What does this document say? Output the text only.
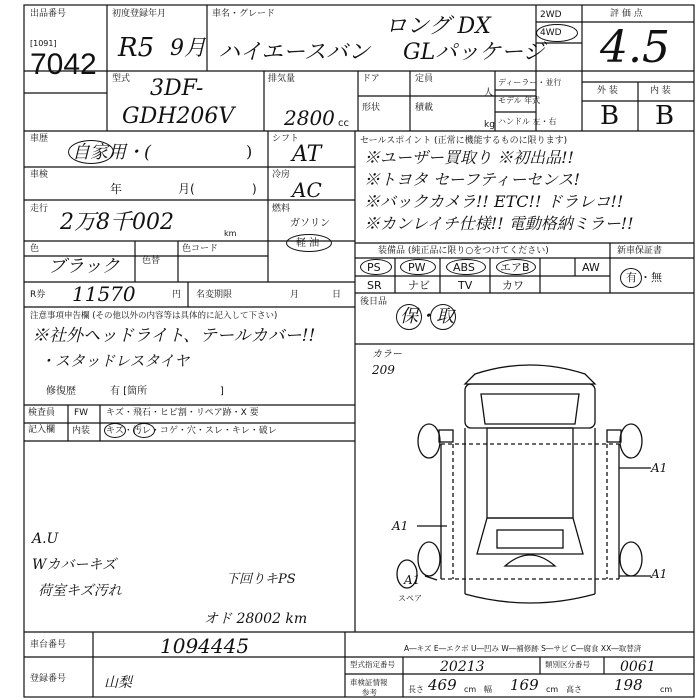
出品番号
[1091]
7042
初度登録年月
R5 9月
車名・グレード	ロング DX
ハイエースバン GLパッケージ
2WD
4WD
評 価 点
4.5
外 装	内 装
B B
型式 3DF-
GDH206V
排気量
2800 cc
ドア	定員
人
形状	積載
kg
ディーラー・並行
モデル 年式
ハンドル 左・右
車歴
自家用・(	)
シフト
AT
車検
年	月(	)
冷房
AC
走行
2万8千002	km
燃料
ガソリン
軽 油
色
ブラック 色替
色コード
R券 11570	円 名変期限	月	日
注意事項申告欄 (その他以外の内容等は具体的に記入して下さい)
※社外ヘッドライト、テールカバー!!
・スタッドレスタイヤ
修復歴	有 [箇所	]
検査員
記入欄
FW キズ・飛石・ヒビ割・リペア跡・X 要
内装 キズ・汚レ・コゲ・穴・スレ・キレ・破レ
A.U
Wカバーキズ
荷室キズ汚れ
下回りキPS
オド 28002 km
カラー
209
セールスポイント (正常に機能するものに限ります)
※ユーザー買取り ※初出品!!
※トヨタ セーフティーセンス!
※バックカメラ!! ETC!! ドラレコ!!
※カンレイチ仕様!! 電動格納ミラー!!
装備品 (純正品に限り○をつけてください)	新車保証書
PS PW ABS エアB	AW
SR ナビ	TV	カワ
有 ・無
後日品
保・取
A1
A1
A1	A1
スペア
車台番号	1094445
登録番号	山梨
A―キズ E―エクボ U―凹み W―補修跡 S―サビ C―腐食 XX―取替済
型式指定番号	20213	類別区分番号 0061
車検証情報
参考	長さ 469 cm 幅 169 cm 高さ 198 cm
